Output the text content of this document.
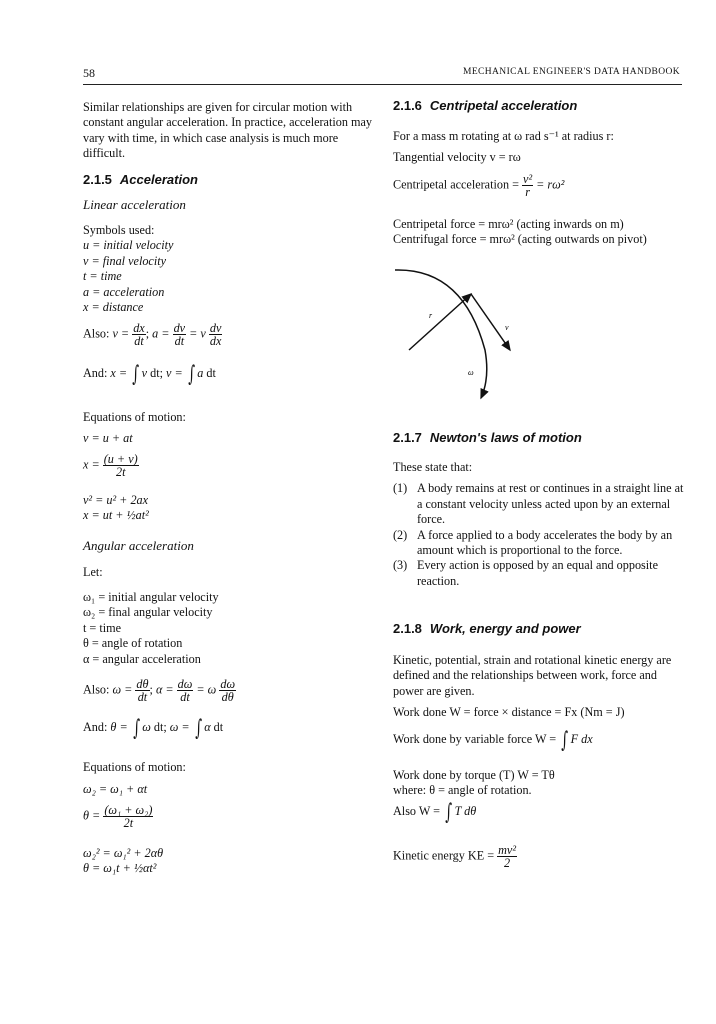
58	MECHANICAL ENGINEER'S DATA HANDBOOK

Similar relationships are given for circular motion with constant angular acceleration. In practice, acceleration may vary with time, in which case analysis is much more difficult.

2.1.5 Acceleration

Linear acceleration

Symbols used:

u = initial velocity

v = final velocity

t = time

a = acceleration

x = distance

Also: $v = \frac{dx}{dt}$ ; $a = \frac{dv}{dt} = v \frac{dv}{dx}$
And: x = ∫ v dt; v = ∫ a dt

Equations of motion:

v = u + at

$x = \frac{(u + v)}{2t}$

v² = u² + 2ax

x = ut + ½at²

Angular acceleration

Let:

ω₁ = initial angular velocity

ω₂ = final angular velocity

t = time

θ = angle of rotation

α = angular acceleration

Also: $\omega = \frac{d\theta}{dt}$ ; $\alpha = \frac{d\omega}{dt} = \omega \frac{d\omega}{d\theta}$
And: θ = ∫ ω dt; ω = ∫ α dt

Equations of motion:

ω₂ = ω₁ + αt

$\theta = \frac{\text{(ω₁ + ω₂)}}{2t}$

ω₂² = ω₁² + 2αθ

θ = ω₁t + ½αt²

2.1.6 Centripetal acceleration

For a mass m rotating at ω rad s⁻¹ at radius r:

Tangential velocity v = rω

Centripetal acceleration = $\frac{\text{v²}}{r} = r\omega^2$

Centripetal force = mrω² (acting inwards on m)

Centrifugal force = mrω² (acting outwards on pivot)

r
v
ω

2.1.7 Newton's laws of motion

These state that:

(1) A body remains at rest or continues in a straight line at a constant velocity unless acted upon by an external force.
(2) A force applied to a body accelerates the body by an amount which is proportional to the force.
(3) Every action is opposed by an equal and opposite reaction.

2.1.8 Work, energy and power

Kinetic, potential, strain and rotational kinetic energy are defined and the relationships between work, force and power are given.

Work done W = force × distance = Fx (Nm = J)

Work done by variable force W = ∫ F dx

Work done by torque (T) W = Tθ

where: θ = angle of rotation.

Also W = ∫ T dθ
Kinetic energy KE = $\frac{\text{mv²}}{2}$
